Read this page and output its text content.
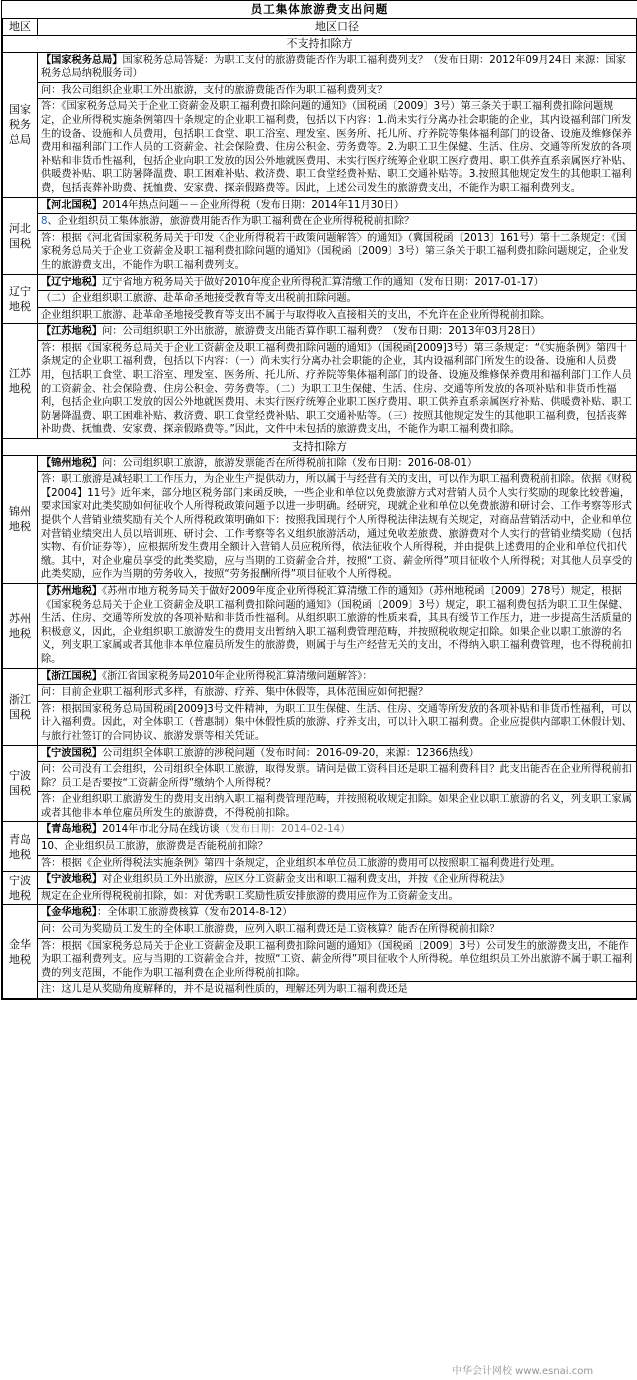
员工集体旅游费支出问题
地区	地区口径
不支持扣除方	
国家税务总局	【国家税务总局】国家税务总局答疑：为职工支付的旅游费能否作为职工福利费列支？（发布日期：2012年09月24日 来源：国家税务总局纳税服务司）
	问：我公司组织企业职工外出旅游，支付的旅游费能否作为职工福利费列支？
	答：《国家税务总局关于企业工资薪金及职工福利费扣除问题的通知》（国税函〔2009〕3号）第三条关于职工福利费扣除问题规定，企业所得税实施条例第四十条规定的企业职工福利费，包括以下内容：1.尚未实行分离办社会职能的企业，其内设福利部门所发生的设备、设施和人员费用，包括职工食堂、职工浴室、理发室、医务所、托儿所、疗养院等集体福利部门的设备、设施及维修保养费用和福利部门工作人员的工资薪金、社会保险费、住房公积金、劳务费等。2.为职工卫生保健、生活、住房、交通等所发放的各项补贴和非货币性福利，包括企业向职工发放的因公外地就医费用、未实行医疗统筹企业职工医疗费用、职工供养直系亲属医疗补贴、供暖费补贴、职工防暑降温费、职工困难补贴、救济费、职工食堂经费补贴、职工交通补贴等。3.按照其他规定发生的其他职工福利费，包括丧葬补助费、抚恤费、安家费、探亲假路费等。因此，上述公司发生的旅游费支出，不能作为职工福利费列支。
河北国税	【河北国税】2014年热点问题－－企业所得税（发布日期：2014年11月30日）
	8、企业组织员工集体旅游，旅游费用能否作为职工福利费在企业所得税税前扣除？
	答：根据《河北省国家税务局关于印发〈企业所得税若干政策问题解答〉的通知》（冀国税函〔2013〕161号）第十二条规定：《国家税务总局关于企业工资薪金及职工福利费扣除问题的通知》（国税函〔2009〕3号）第三条关于职工福利费扣除问题规定，企业发生的旅游费支出，不能作为职工福利费列支。
辽宁地税	【辽宁地税】辽宁省地方税务局关于做好2010年度企业所得税汇算清缴工作的通知（发布日期：2017-01-17）
	（二）企业组织职工旅游、赴革命圣地接受教育等支出税前扣除问题。
	企业组织职工旅游、赴革命圣地接受教育等支出不属于与取得收入直接相关的支出，不允许在企业所得税前扣除。
江苏地税	【江苏地税】问：公司组织职工外出旅游，旅游费支出能否算作职工福利费？（发布日期：2013年03月28日）
	答：根据《国家税务总局关于企业工资薪金及职工福利费扣除问题的通知》（国税函[2009]3号）第三条规定：“《实施条例》第四十条规定的企业职工福利费，包括以下内容：（一）尚未实行分离办社会职能的企业，其内设福利部门所发生的设备、设施和人员费用，包括职工食堂、职工浴室、理发室、医务所、托儿所、疗养院等集体福利部门的设备、设施及维修保养费用和福利部门工作人员的工资薪金、社会保险费、住房公积金、劳务费等。（二）为职工卫生保健、生活、住房、交通等所发放的各项补贴和非货币性福利，包括企业向职工发放的因公外地就医费用、未实行医疗统筹企业职工医疗费用、职工供养直系亲属医疗补贴、供暖费补贴、职工防暑降温费、职工困难补贴、救济费、职工食堂经费补贴、职工交通补贴等。（三）按照其他规定发生的其他职工福利费，包括丧葬补助费、抚恤费、安家费、探亲假路费等。”因此，文件中未包括的旅游费支出，不能作为职工福利费扣除。
支持扣除方	
锦州地税	【锦州地税】问：公司组织职工旅游，旅游发票能否在所得税前扣除（发布日期：2016-08-01）
	答：职工旅游是减轻职工工作压力，为企业生产提供动力，所以属于与经营有关的支出，可以作为职工福利费税前扣除。依据《财税【2004】11号》近年来，部分地区税务部门来函反映，一些企业和单位以免费旅游方式对营销人员个人实行奖励的现象比较普遍，要求国家对此类奖励如何征收个人所得税政策问题予以进一步明确。经研究，现就企业和单位以免费旅游和研讨会、工作考察等形式提供个人营销业绩奖励有关个人所得税政策明确如下：按照我国现行个人所得税法律法规有关规定，对商品营销活动中，企业和单位对营销业绩突出人员以培训班、研讨会、工作考察等名义组织旅游活动，通过免收差旅费、旅游费对个人实行的营销业绩奖励（包括实物、有价证券等），应根据所发生费用全额计入营销人员应税所得，依法征收个人所得税，并由提供上述费用的企业和单位代扣代缴。其中，对企业雇员享受的此类奖励，应与当期的工资薪金合并，按照“工资、薪金所得”项目征收个人所得税；对其他人员享受的此类奖励，应作为当期的劳务收入，按照“劳务报酬所得”项目征收个人所得税。
苏州地税	【苏州地税】《苏州市地方税务局关于做好2009年度企业所得税汇算清缴工作的通知》（苏州地税函〔2009〕278号）规定，根据《国家税务总局关于企业工资薪金及职工福利费扣除问题的通知》（国税函〔2009〕3号）规定，职工福利费包括为职工卫生保健、生活、住房、交通等所发放的各项补贴和非货币性福利。从组织职工旅游的性质来看，其具有缓节工作压力，进一步提高生活质量的积极意义，因此，企业组织职工旅游发生的费用支出暂纳入职工福利费管理范畴，并按照税收规定扣除。如果企业以职工旅游的名义，列支职工家属或者其他非本单位雇员所发生的旅游费，则属于与生产经营无关的支出，不得纳入职工福利费管理，也不得税前扣除。
浙江国税	【浙江国税】《浙江省国家税务局2010年企业所得税汇算清缴问题解答》：
	问：目前企业职工福利形式多样，有旅游、疗养、集中休假等，具体范围应如何把握？
	答：根据国家税务总局国税函[2009]3号文件精神，为职工卫生保健、生活、住房、交通等所发放的各项补贴和非货币性福利，可以计入福利费。因此，对全体职工（普惠制）集中休假性质的旅游、疗养支出，可以计入职工福利费。企业应提供内部职工休假计划、与旅行社签订的合同协议、旅游发票等相关凭证。
宁波国税	【宁波国税】公司组织全体职工旅游的涉税问题（发布时间：2016-09-20，来源：12366热线）
	问：公司没有工会组织，公司组织全体职工旅游，取得发票。请问是做工资科目还是职工福利费科目？此支出能否在企业所得税前扣除？员工是否要按“工资薪金所得”缴纳个人所得税？
	答：企业组织职工旅游发生的费用支出纳入职工福利费管理范畴，并按照税收规定扣除。如果企业以职工旅游的名义，列支职工家属或者其他非本单位雇员所发生的旅游费，不得税前扣除。
青岛地税	【青岛地税】2014年市北分局在线访谈（发布日期：2014-02-14）
	10、企业组织员工旅游，旅游费是否能税前扣除？
	答：根据《企业所得税法实施条例》第四十条规定，企业组织本单位员工旅游的费用可以按照职工福利费进行处理。
宁波地税	【宁波地税】对企业组织员工外出旅游，应区分工资薪金支出和职工福利费支出，并按《企业所得税法》
	规定在企业所得税税前扣除，如：对优秀职工奖励性质安排旅游的费用应作为工资薪金支出。
金华地税	【金华地税】：全体职工旅游费核算（发布2014-8-12）
	问：公司为奖励员工发生的全体职工旅游费，应列入职工福利费还是工资核算？能否在所得税前扣除？
	答：根据《国家税务总局关于企业工资薪金及职工福利费扣除问题的通知》（国税函〔2009〕3号）公司发生的旅游费支出，不能作为职工福利费列支。应与当期的工资薪金合并，按照“工资、薪金所得”项目征收个人所得税。单位组织员工外出旅游不属于职工福利费的列支范围，不能作为职工福利费在企业所得税前扣除。
	注：这儿是从奖励角度解释的，并不是说福利性质的，理解还列为职工福利费还是
中华会计网校 www.esnai.com
